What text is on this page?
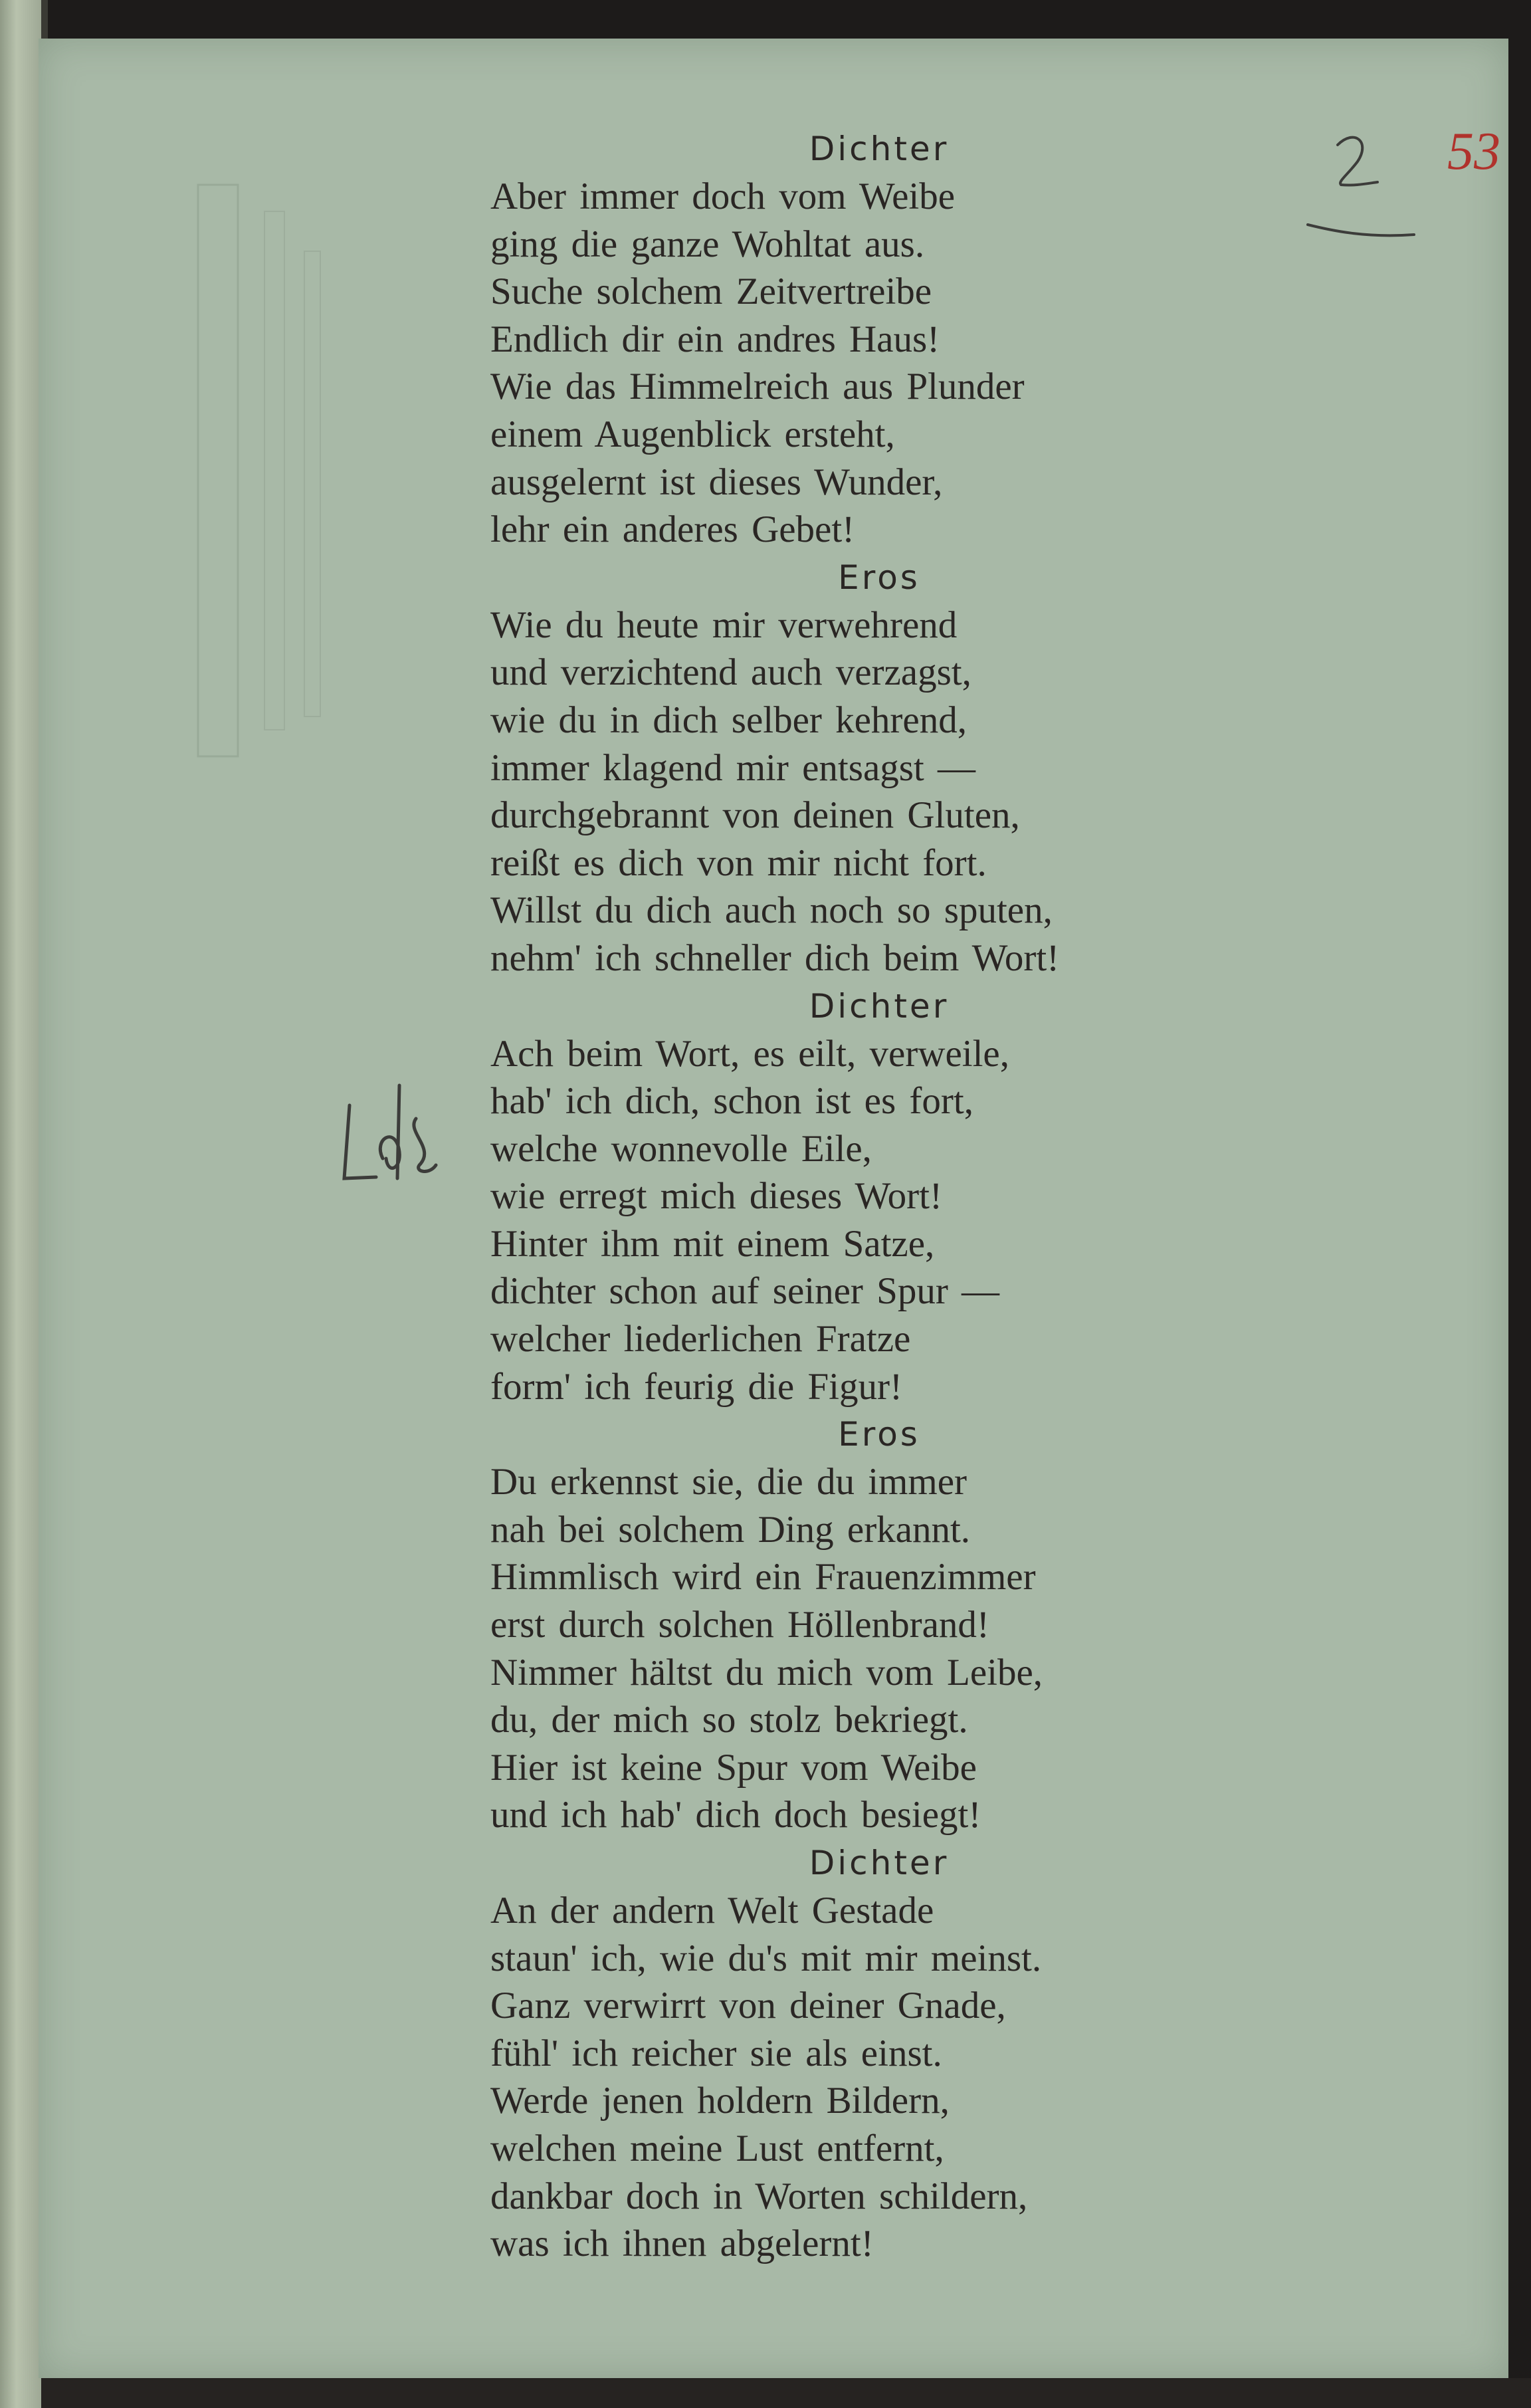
53
Dichter
Aber immer doch vom Weibe
ging die ganze Wohltat aus.
Suche solchem Zeitvertreibe
Endlich dir ein andres Haus!
Wie das Himmelreich aus Plunder
einem Augenblick ersteht,
ausgelernt ist dieses Wunder,
lehr ein anderes Gebet!
Eros
Wie du heute mir verwehrend
und verzichtend auch verzagst,
wie du in dich selber kehrend,
immer klagend mir entsagst —
durchgebrannt von deinen Gluten,
reißt es dich von mir nicht fort.
Willst du dich auch noch so sputen,
nehm' ich schneller dich beim Wort!
Dichter
Ach beim Wort, es eilt, verweile,
hab' ich dich, schon ist es fort,
welche wonnevolle Eile,
wie erregt mich dieses Wort!
Hinter ihm mit einem Satze,
dichter schon auf seiner Spur —
welcher liederlichen Fratze
form' ich feurig die Figur!
Eros
Du erkennst sie, die du immer
nah bei solchem Ding erkannt.
Himmlisch wird ein Frauenzimmer
erst durch solchen Höllenbrand!
Nimmer hältst du mich vom Leibe,
du, der mich so stolz bekriegt.
Hier ist keine Spur vom Weibe
und ich hab' dich doch besiegt!
Dichter
An der andern Welt Gestade
staun' ich, wie du's mit mir meinst.
Ganz verwirrt von deiner Gnade,
fühl' ich reicher sie als einst.
Werde jenen holdern Bildern,
welchen meine Lust entfernt,
dankbar doch in Worten schildern,
was ich ihnen abgelernt!
